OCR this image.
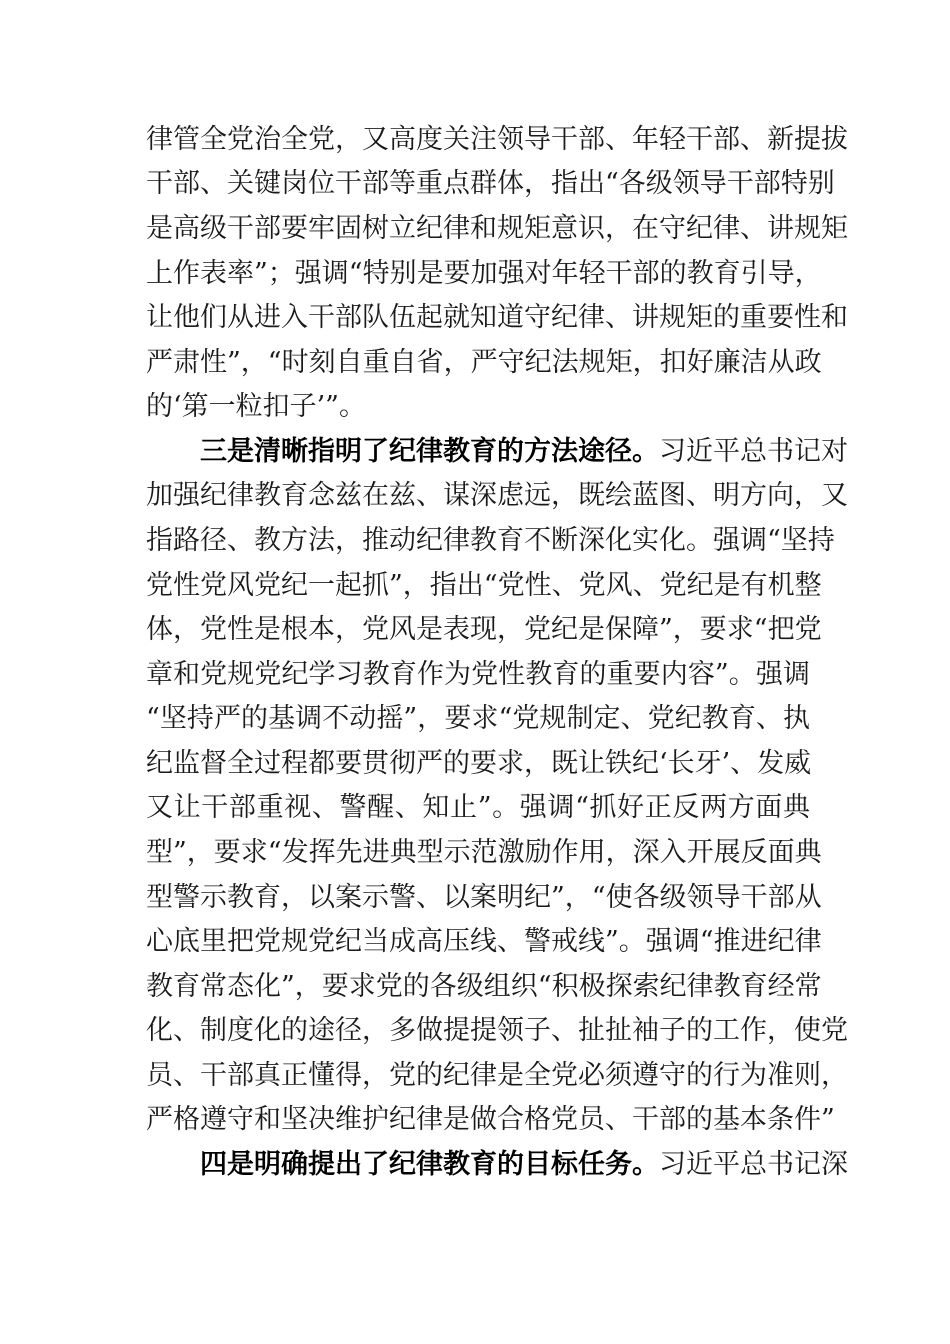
律管全党治全党，又高度关注领导干部、年轻干部、新提拔
干部、关键岗位干部等重点群体，指出“各级领导干部特别
是高级干部要牢固树立纪律和规矩意识，在守纪律、讲规矩
上作表率”；强调“特别是要加强对年轻干部的教育引导，
让他们从进入干部队伍起就知道守纪律、讲规矩的重要性和
严肃性”，“时刻自重自省，严守纪法规矩，扣好廉洁从政
的‘第一粒扣子’”。
三是清晰指明了纪律教育的方法途径。习近平总书记对
加强纪律教育念兹在兹、谋深虑远，既绘蓝图、明方向，又
指路径、教方法，推动纪律教育不断深化实化。强调“坚持
党性党风党纪一起抓”，指出“党性、党风、党纪是有机整
体，党性是根本，党风是表现，党纪是保障”，要求“把党
章和党规党纪学习教育作为党性教育的重要内容”。强调
“坚持严的基调不动摇”，要求“党规制定、党纪教育、执
纪监督全过程都要贯彻严的要求，既让铁纪‘长牙’、发威
又让干部重视、警醒、知止”。强调“抓好正反两方面典
型”，要求“发挥先进典型示范激励作用，深入开展反面典
型警示教育，以案示警、以案明纪”，“使各级领导干部从
心底里把党规党纪当成高压线、警戒线”。强调“推进纪律
教育常态化”，要求党的各级组织“积极探索纪律教育经常
化、制度化的途径，多做提提领子、扯扯袖子的工作，使党
员、干部真正懂得，党的纪律是全党必须遵守的行为准则，
严格遵守和坚决维护纪律是做合格党员、干部的基本条件”
四是明确提出了纪律教育的目标任务。习近平总书记深
